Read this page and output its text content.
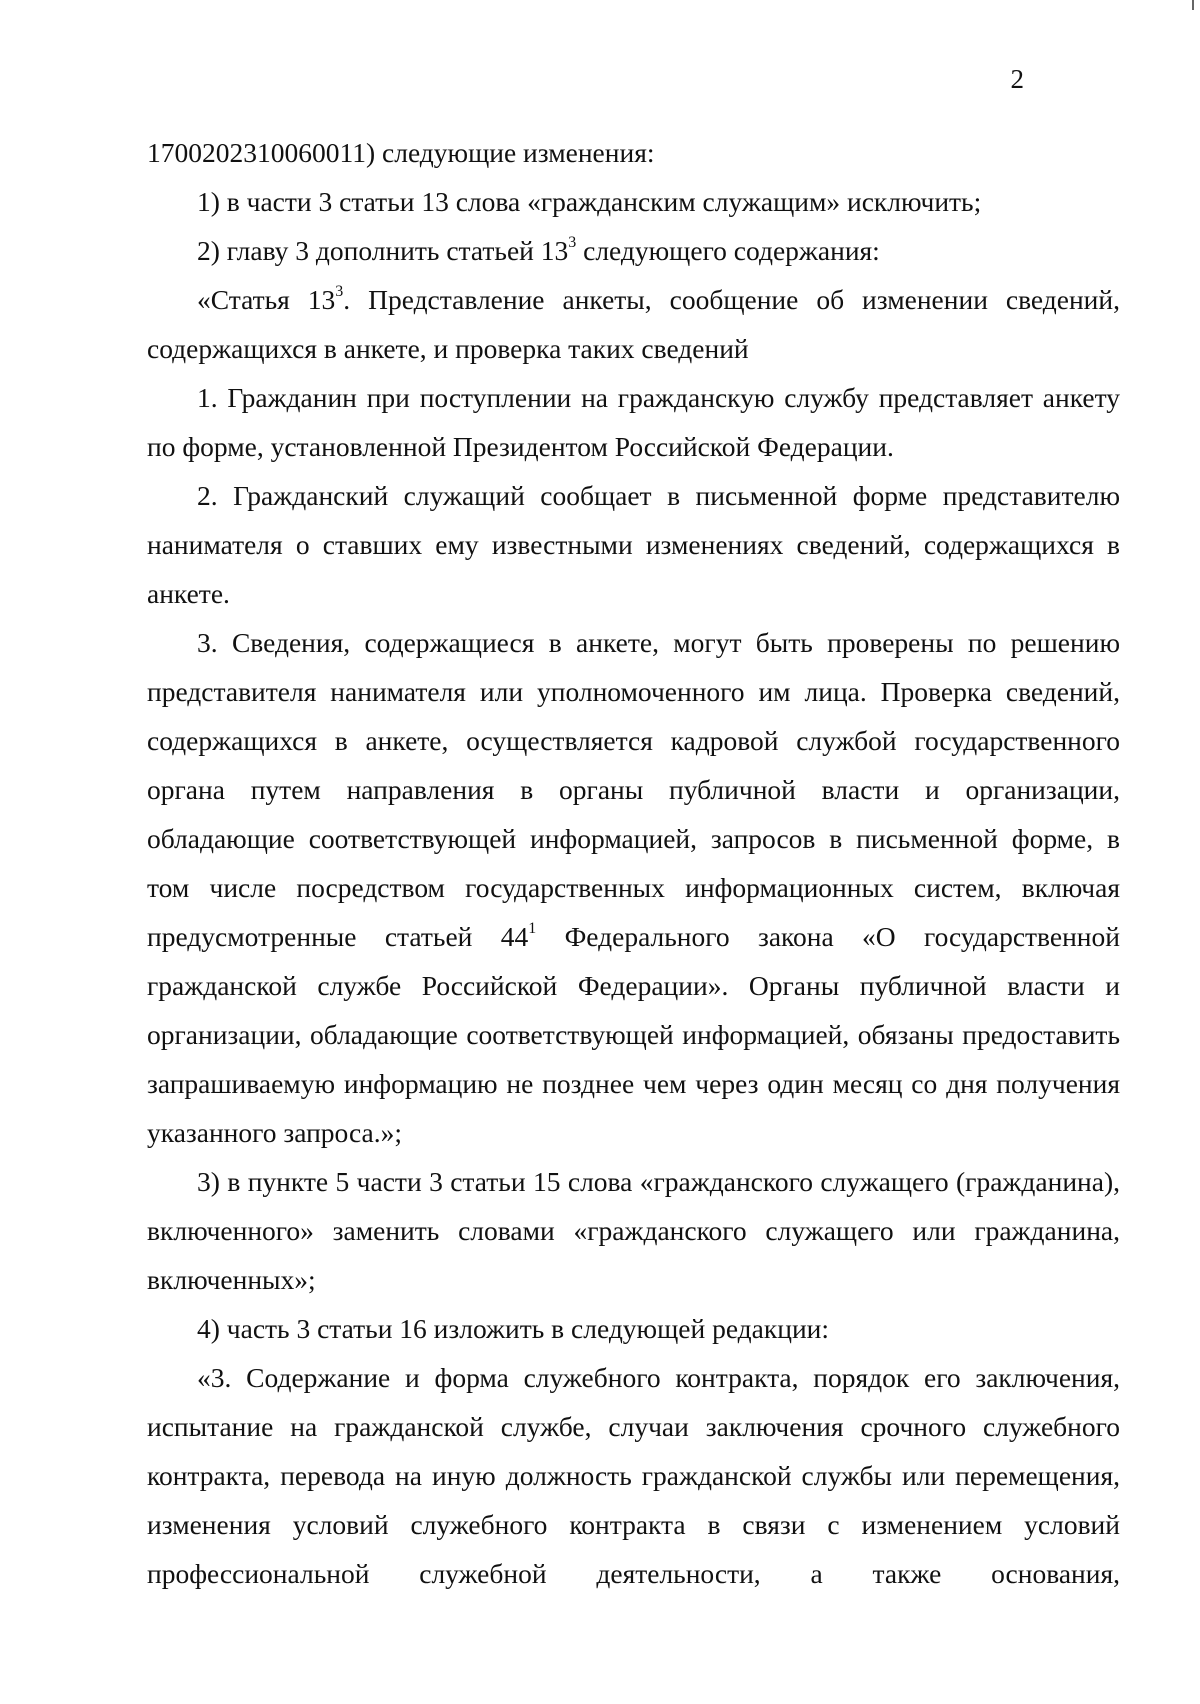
2

1700202310060011) следующие изменения:

1) в части 3 статьи 13 слова «гражданским служащим» исключить;

2) главу 3 дополнить статьей $13^3$ следующего содержания:

«Статья $13^3$. Представление анкеты, сообщение об изменении сведений, содержащихся в анкете, и проверка таких сведений

1. Гражданин при поступлении на гражданскую службу представляет анкету по форме, установленной Президентом Российской Федерации.

2. Гражданский служащий сообщает в письменной форме представителю нанимателя о ставших ему известными изменениях сведений, содержащихся в анкете.

3. Сведения, содержащиеся в анкете, могут быть проверены по решению представителя нанимателя или уполномоченного им лица. Проверка сведений, содержащихся в анкете, осуществляется кадровой службой государственного органа путем направления в органы публичной власти и организации, обладающие соответствующей информацией, запросов в письменной форме, в том числе посредством государственных информационных систем, включая предусмотренные статьей $44^1$ Федерального закона «О государственной гражданской службе Российской Федерации». Органы публичной власти и организации, обладающие соответствующей информацией, обязаны предоставить запрашиваемую информацию не позднее чем через один месяц со дня получения указанного запроса.»;

3) в пункте 5 части 3 статьи 15 слова «гражданского служащего (гражданина), включенного» заменить словами «гражданского служащего или гражданина, включенных»;

4) часть 3 статьи 16 изложить в следующей редакции:

«3. Содержание и форма служебного контракта, порядок его заключения, испытание на гражданской службе, случаи заключения срочного служебного контракта, перевода на иную должность гражданской службы или перемещения, изменения условий служебного контракта в связи с изменением условий профессиональной служебной деятельности, а также основания,
